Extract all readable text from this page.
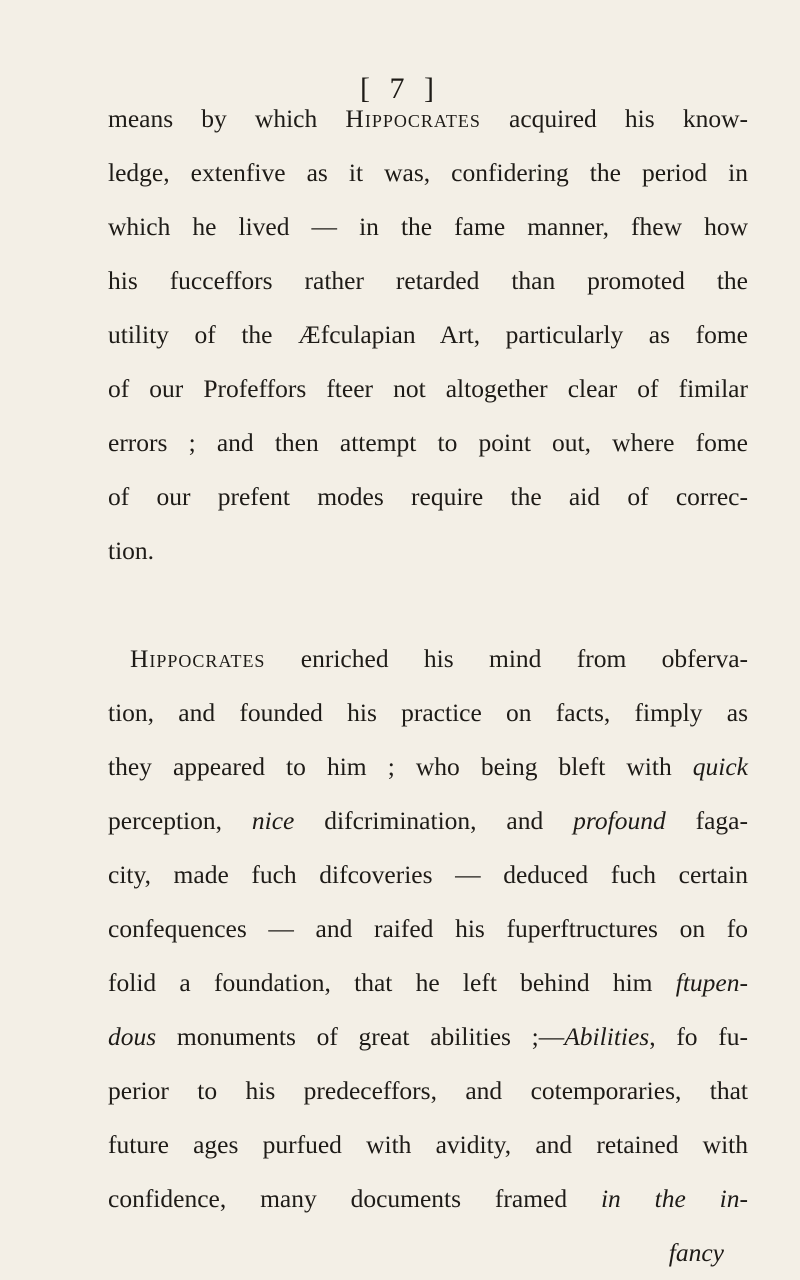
[ 7 ]
means by which Hippocrates acquired his know-
ledge, extenfive as it was, confidering the period in
which he lived — in the fame manner, fhew how
his fucceffors rather retarded than promoted the
utility of the Æfculapian Art, particularly as fome
of our Profeffors fteer not altogether clear of fimilar
errors ; and then attempt to point out, where fome
of our prefent modes require the aid of correc-
tion.
Hippocrates enriched his mind from obferva-
tion, and founded his practice on facts, fimply as
they appeared to him ; who being bleft with quick
perception, nice difcrimination, and profound faga-
city, made fuch difcoveries — deduced fuch certain
confequences — and raifed his fuperftructures on fo
folid a foundation, that he left behind him ftupen-
dous monuments of great abilities ;—Abilities, fo fu-
perior to his predeceffors, and cotemporaries, that
future ages purfued with avidity, and retained with
confidence, many documents framed in the in-
fancy
